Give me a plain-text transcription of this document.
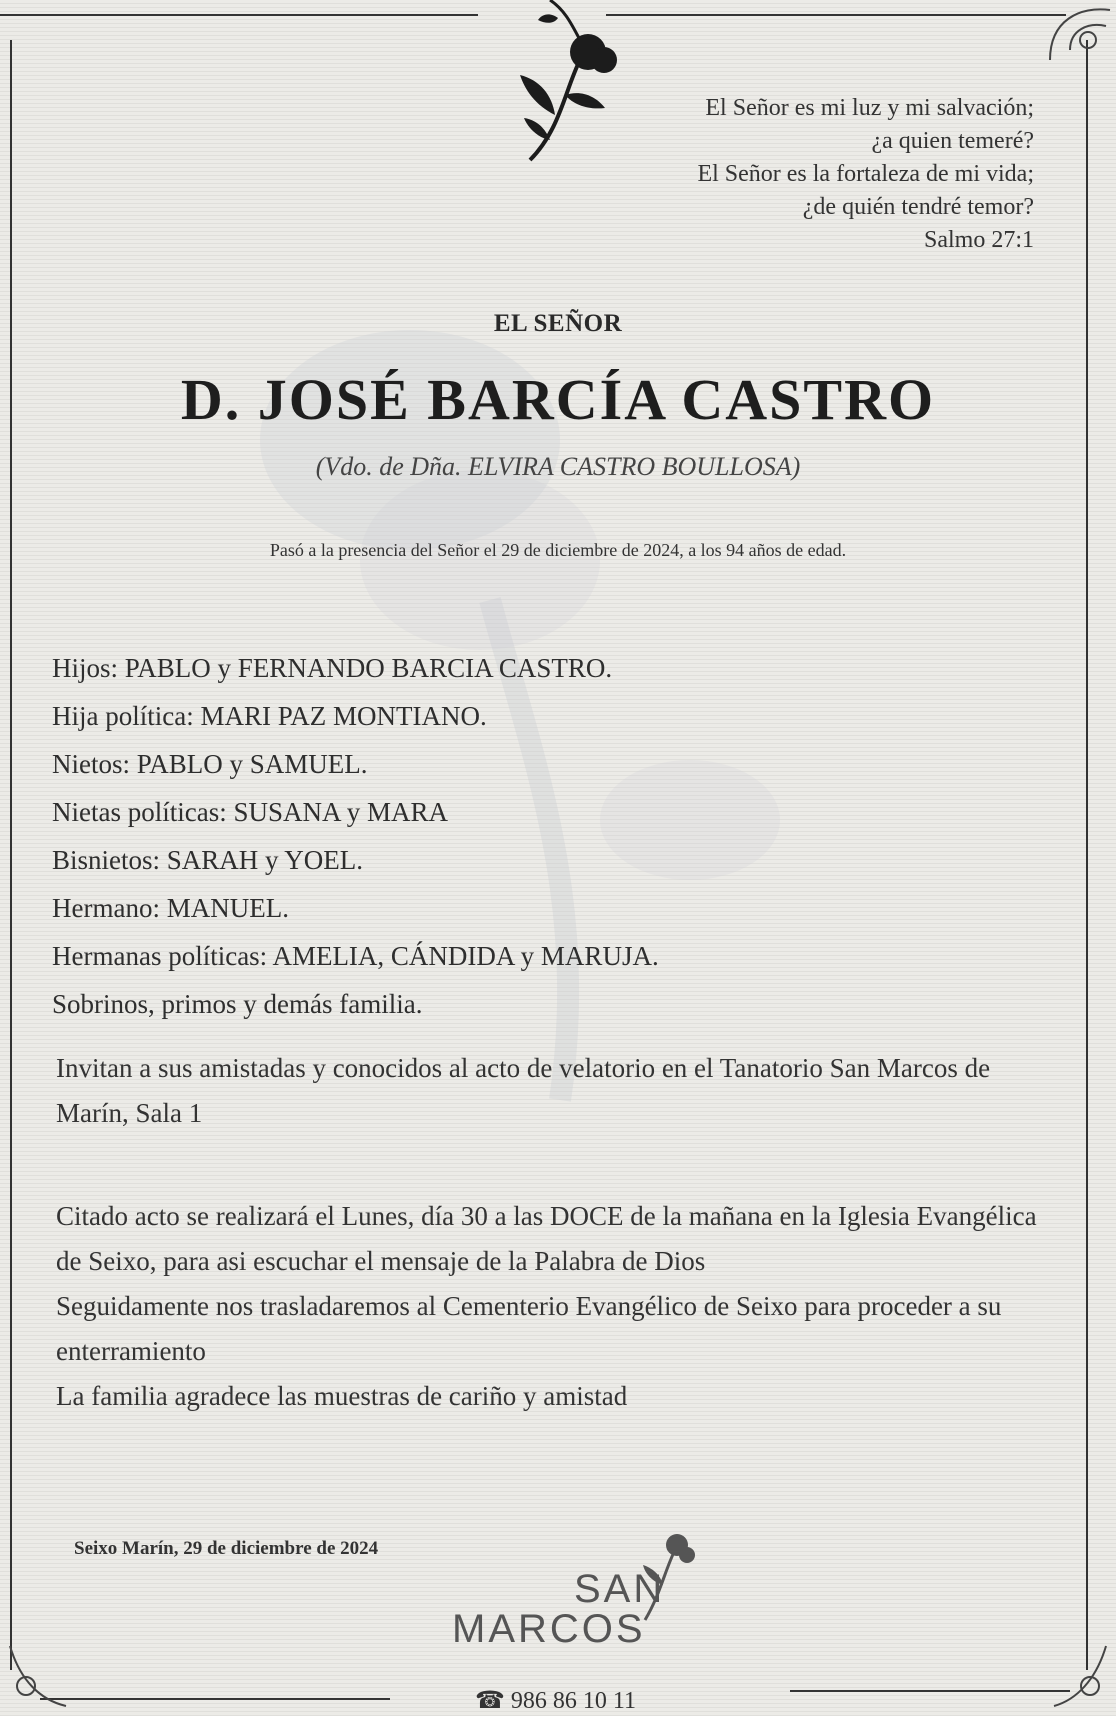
El Señor es mi luz y mi salvación;
¿a quien temeré?
El Señor es la fortaleza de mi vida;
¿de quién tendré temor?
Salmo 27:1
EL SEÑOR
D. JOSÉ BARCÍA CASTRO
(Vdo. de Dña. ELVIRA CASTRO BOULLOSA)
Pasó a la presencia del Señor el 29 de diciembre de 2024, a los 94 años de edad.
Hijos: PABLO y FERNANDO BARCIA CASTRO.
Hija política: MARI PAZ MONTIANO.
Nietos: PABLO y SAMUEL.
Nietas políticas: SUSANA y MARA
Bisnietos: SARAH y YOEL.
Hermano: MANUEL.
Hermanas políticas: AMELIA, CÁNDIDA y MARUJA.
Sobrinos, primos y demás familia.
Invitan a sus amistadas y conocidos al acto de velatorio en el Tanatorio San Marcos de Marín, Sala 1
Citado acto se realizará el Lunes, día 30 a las DOCE de la mañana en la Iglesia Evangélica de Seixo, para asi escuchar el mensaje de la Palabra de Dios
Seguidamente nos trasladaremos al Cementerio Evangélico de Seixo para proceder a su enterramiento
La familia agradece las muestras de cariño y amistad
Seixo Marín, 29 de diciembre de 2024
SAN
MARCOS
☎ 986 86 10 11
